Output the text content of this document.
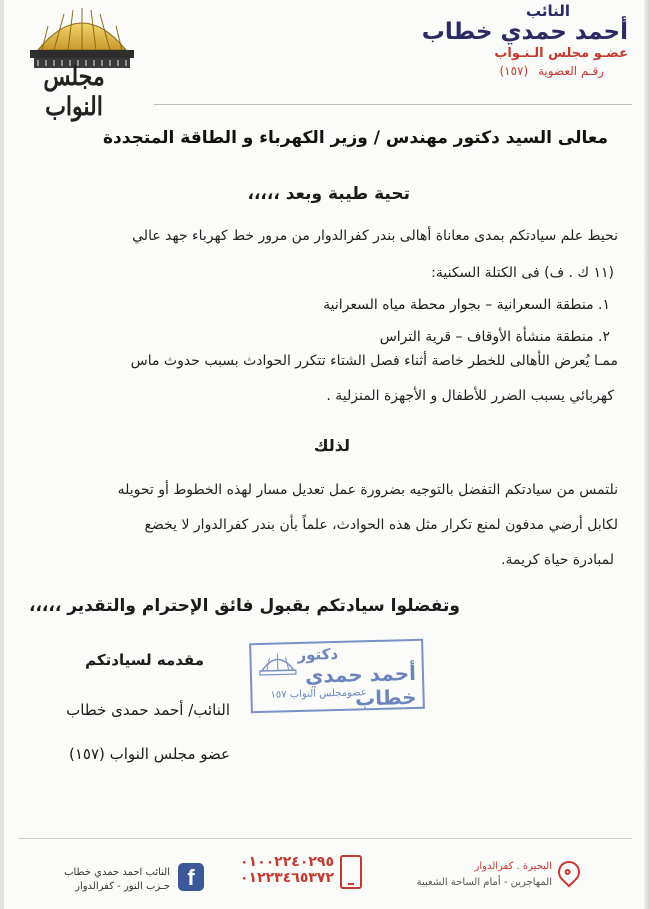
النائب
أحمد حمدي خطاب
عضـو مجلس الـنـواب
رقـم العضوية (١٥٧)
مجلس النواب
معالى السيد دكتور مهندس / وزير الكهرباء و الطاقة المتجددة
تحية طيبة وبعد ،،،،،
نحيط علم سيادتكم بمدى معاناة أهالى بندر كفرالدوار من مرور خط كهرباء جهد عالي
(١١ ك . ف) فى الكتلة السكنية:
١. منطقة السعرانية – بجوار محطة مياه السعرانية
٢. منطقة منشأة الأوقاف – قرية التراس
ممـا يُعرض الأهالى للخطر خاصة أثناء فصل الشتاء تتكرر الحوادث بسبب حدوث ماس
كهربائي يسبب الضرر للأطفال و الأجهزة المنزلية .
لذلك
نلتمس من سيادتكم التفضل بالتوجيه بضرورة عمل تعديل مسار لهذه الخطوط أو تحويله
لكابل أرضي مدفون لمنع تكرار مثل هذه الحوادث، علماً بأن بندر كفرالدوار لا يخضع
لمبادرة حياة كريمة.
وتفضلوا سيادتكم بقبول فائق الإحترام والتقدير ،،،،،
مقدمه لسيادتكم
النائب/ أحمد حمدى خطاب
عضو مجلس النواب (١٥٧)
دكتور
أحمد حمدي خطاب
عضومجلس النواب ١٥٧
النائب احمد حمدي خطاب
حـزب النور - كفرالدوار f
٠١٠٠٢٢٤٠٢٩٥
٠١٢٢٣٤٦٥٣٧٢
البحيرة . كفرالدوار
المهاجرين - أمام الساحة الشعبية
